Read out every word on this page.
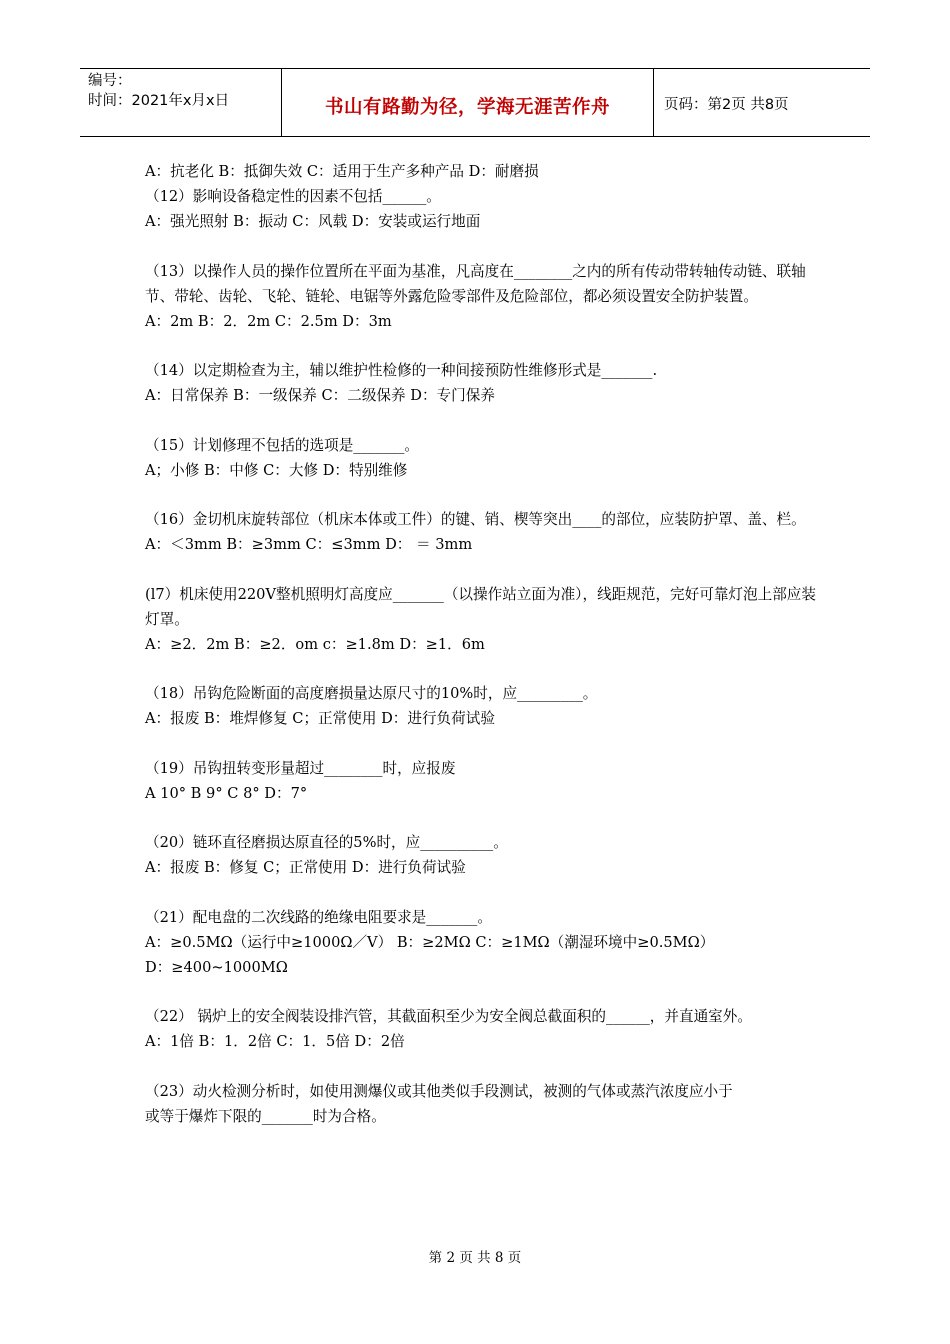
编号：
时间：2021年x月x日	书山有路勤为径，学海无涯苦作舟	页码：第2页 共8页
A：抗老化 B：抵御失效 C：适用于生产多种产品 D：耐磨损
（12）影响设备稳定性的因素不包括______。
A：强光照射 B：振动 C：风载 D：安装或运行地面
（13）以操作人员的操作位置所在平面为基准，凡高度在________之内的所有传动带转轴传动链、联轴节、带轮、齿轮、飞轮、链轮、电锯等外露危险零部件及危险部位，都必须设置安全防护装置。
A：2m B：2．2m C：2.5m D：3m
（14）以定期检查为主，辅以维护性检修的一种间接预防性维修形式是_______.
A：日常保养 B：一级保养 C：二级保养 D：专门保养
（15）计划修理不包括的选项是_______。
A；小修 B：中修 C：大修 D：特别维修
（16）金切机床旋转部位（机床本体或工件）的键、销、楔等突出____的部位，应装防护罩、盖、栏。
A：＜3mm B：≥3mm C：≤3mm D： ＝ 3mm
(l7）机床使用220V整机照明灯高度应_______（以操作站立面为准），线距规范，完好可靠灯泡上部应装灯罩。
A：≥2．2m B：≥2．om c：≥1.8m D：≥1．6m
（18）吊钩危险断面的高度磨损量达原尺寸的10%时，应_________。
A：报废 B：堆焊修复 C；正常使用 D：进行负荷试验
（19）吊钩扭转变形量超过________时，应报废
A 10° B 9° C 8° D：7°
（20）链环直径磨损达原直径的5%时，应__________。
A：报废 B：修复 C；正常使用 D：进行负荷试验
（21）配电盘的二次线路的绝缘电阻要求是_______。
A：≥0.5MΩ（运行中≥1000Ω／V） B：≥2MΩ C：≥1MΩ（潮湿环境中≥0.5MΩ）
D：≥400~1000MΩ
（22） 锅炉上的安全阀装设排汽管，其截面积至少为安全阀总截面积的______，并直通室外。
A：1倍 B：1．2倍 C：1．5倍 D：2倍
（23）动火检测分析时，如使用测爆仪或其他类似手段测试，被测的气体或蒸汽浓度应小于
或等于爆炸下限的_______时为合格。
第 2 页 共 8 页
